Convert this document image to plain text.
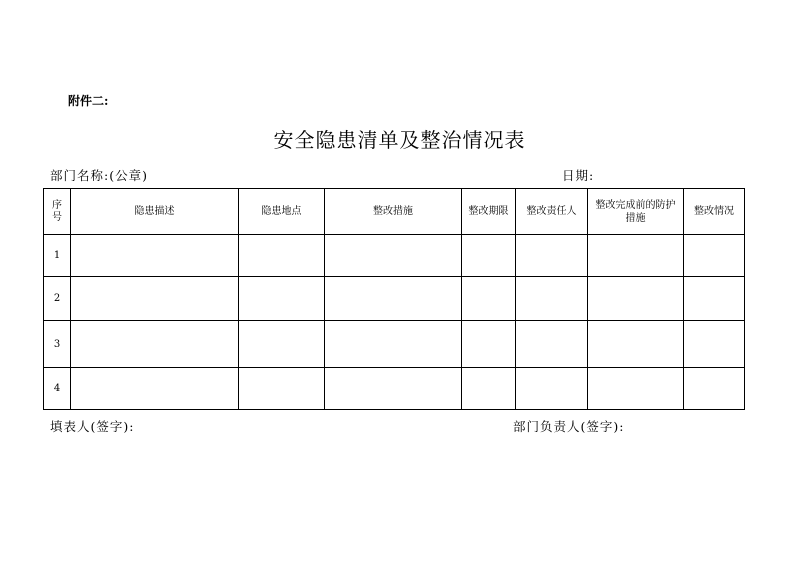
附件二:
安全隐患清单及整治情况表
部门名称:(公章)	日期:
序号	隐患描述	隐患地点	整改措施	整改期限	整改责任人	整改完成前的防护措施	整改情况
1							
2							
3							
4							
填表人(签字):	部门负责人(签字):
